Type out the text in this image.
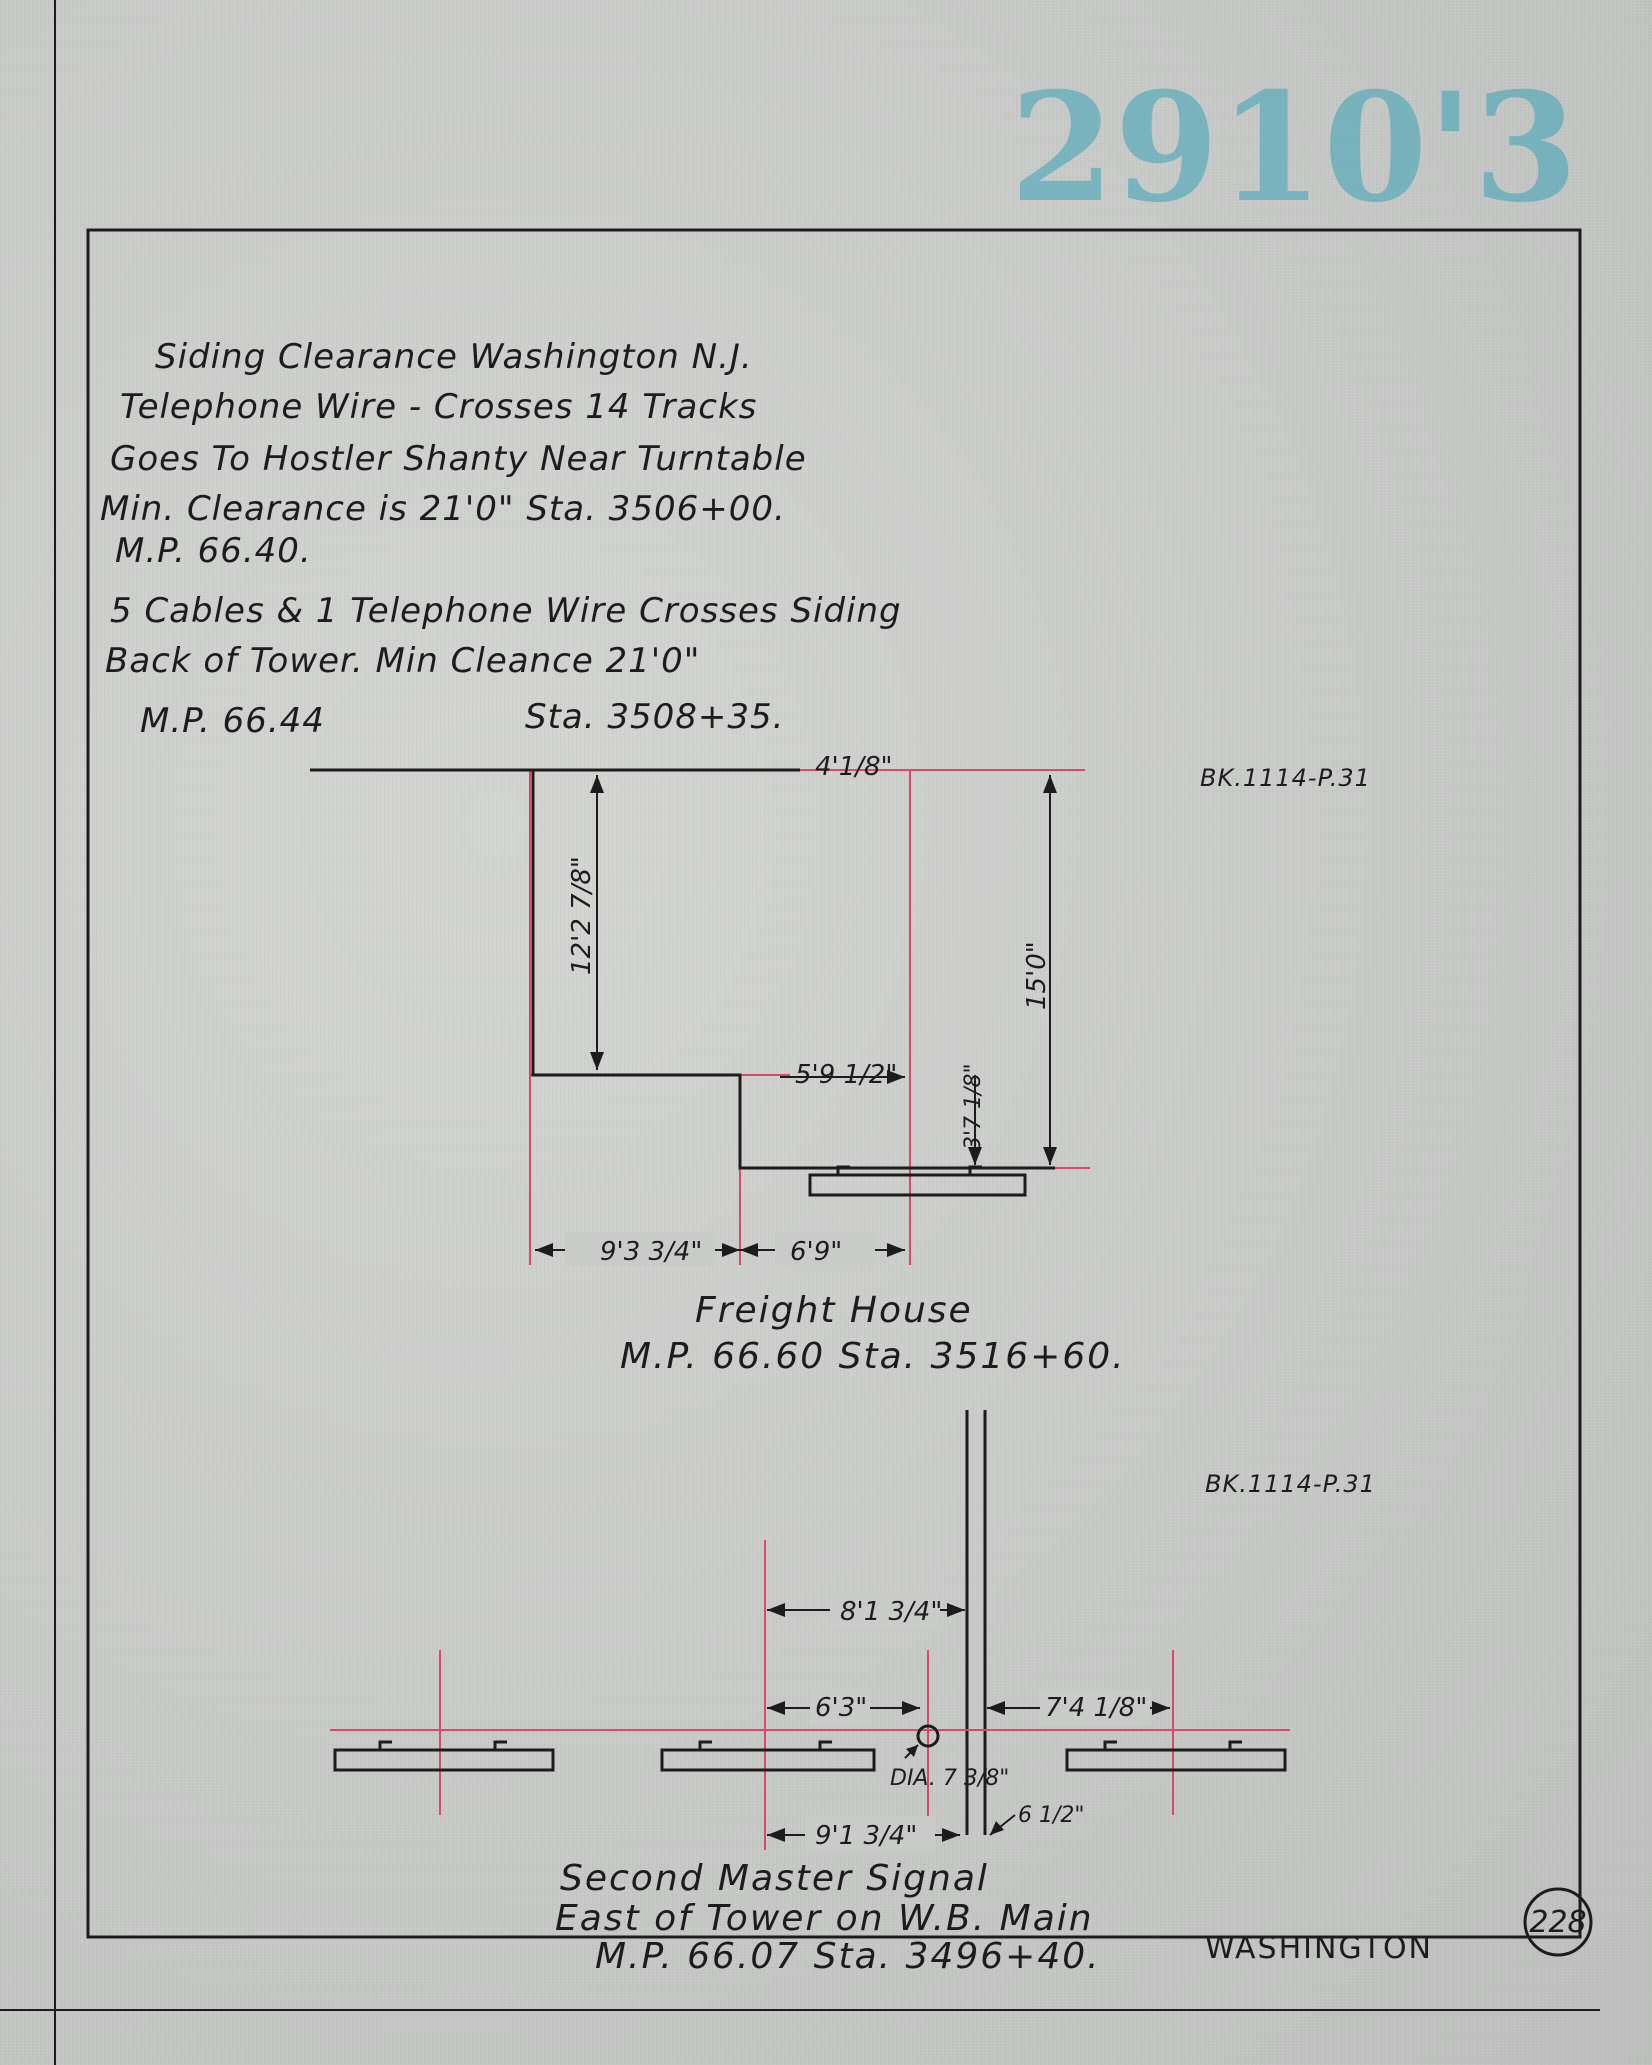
2910'3
Siding Clearance Washington N.J.
Telephone Wire - Crosses 14 Tracks
Goes To Hostler Shanty Near Turntable
Min. Clearance is 21'0" Sta. 3506+00.
M.P. 66.40.
5 Cables & 1 Telephone Wire Crosses Siding
Back of Tower. Min Cleance 21'0"
M.P. 66.44	Sta. 3508+35.
BK.1114-P.31
12'2 7/8"
15'0"
4'1/8"
5'9 1/2"	3'7 1/8"
9'3 3/4"	6'9"
Freight House
M.P. 66.60 Sta. 3516+60.
BK.1114-P.31
8'1 3/4"
6'3"	7'4 1/8"
DIA. 7 3/8"
9'1 3/4"
6 1/2"
Second Master Signal
East of Tower on W.B. Main
M.P. 66.07 Sta. 3496+40.	WASHINGTON
228
